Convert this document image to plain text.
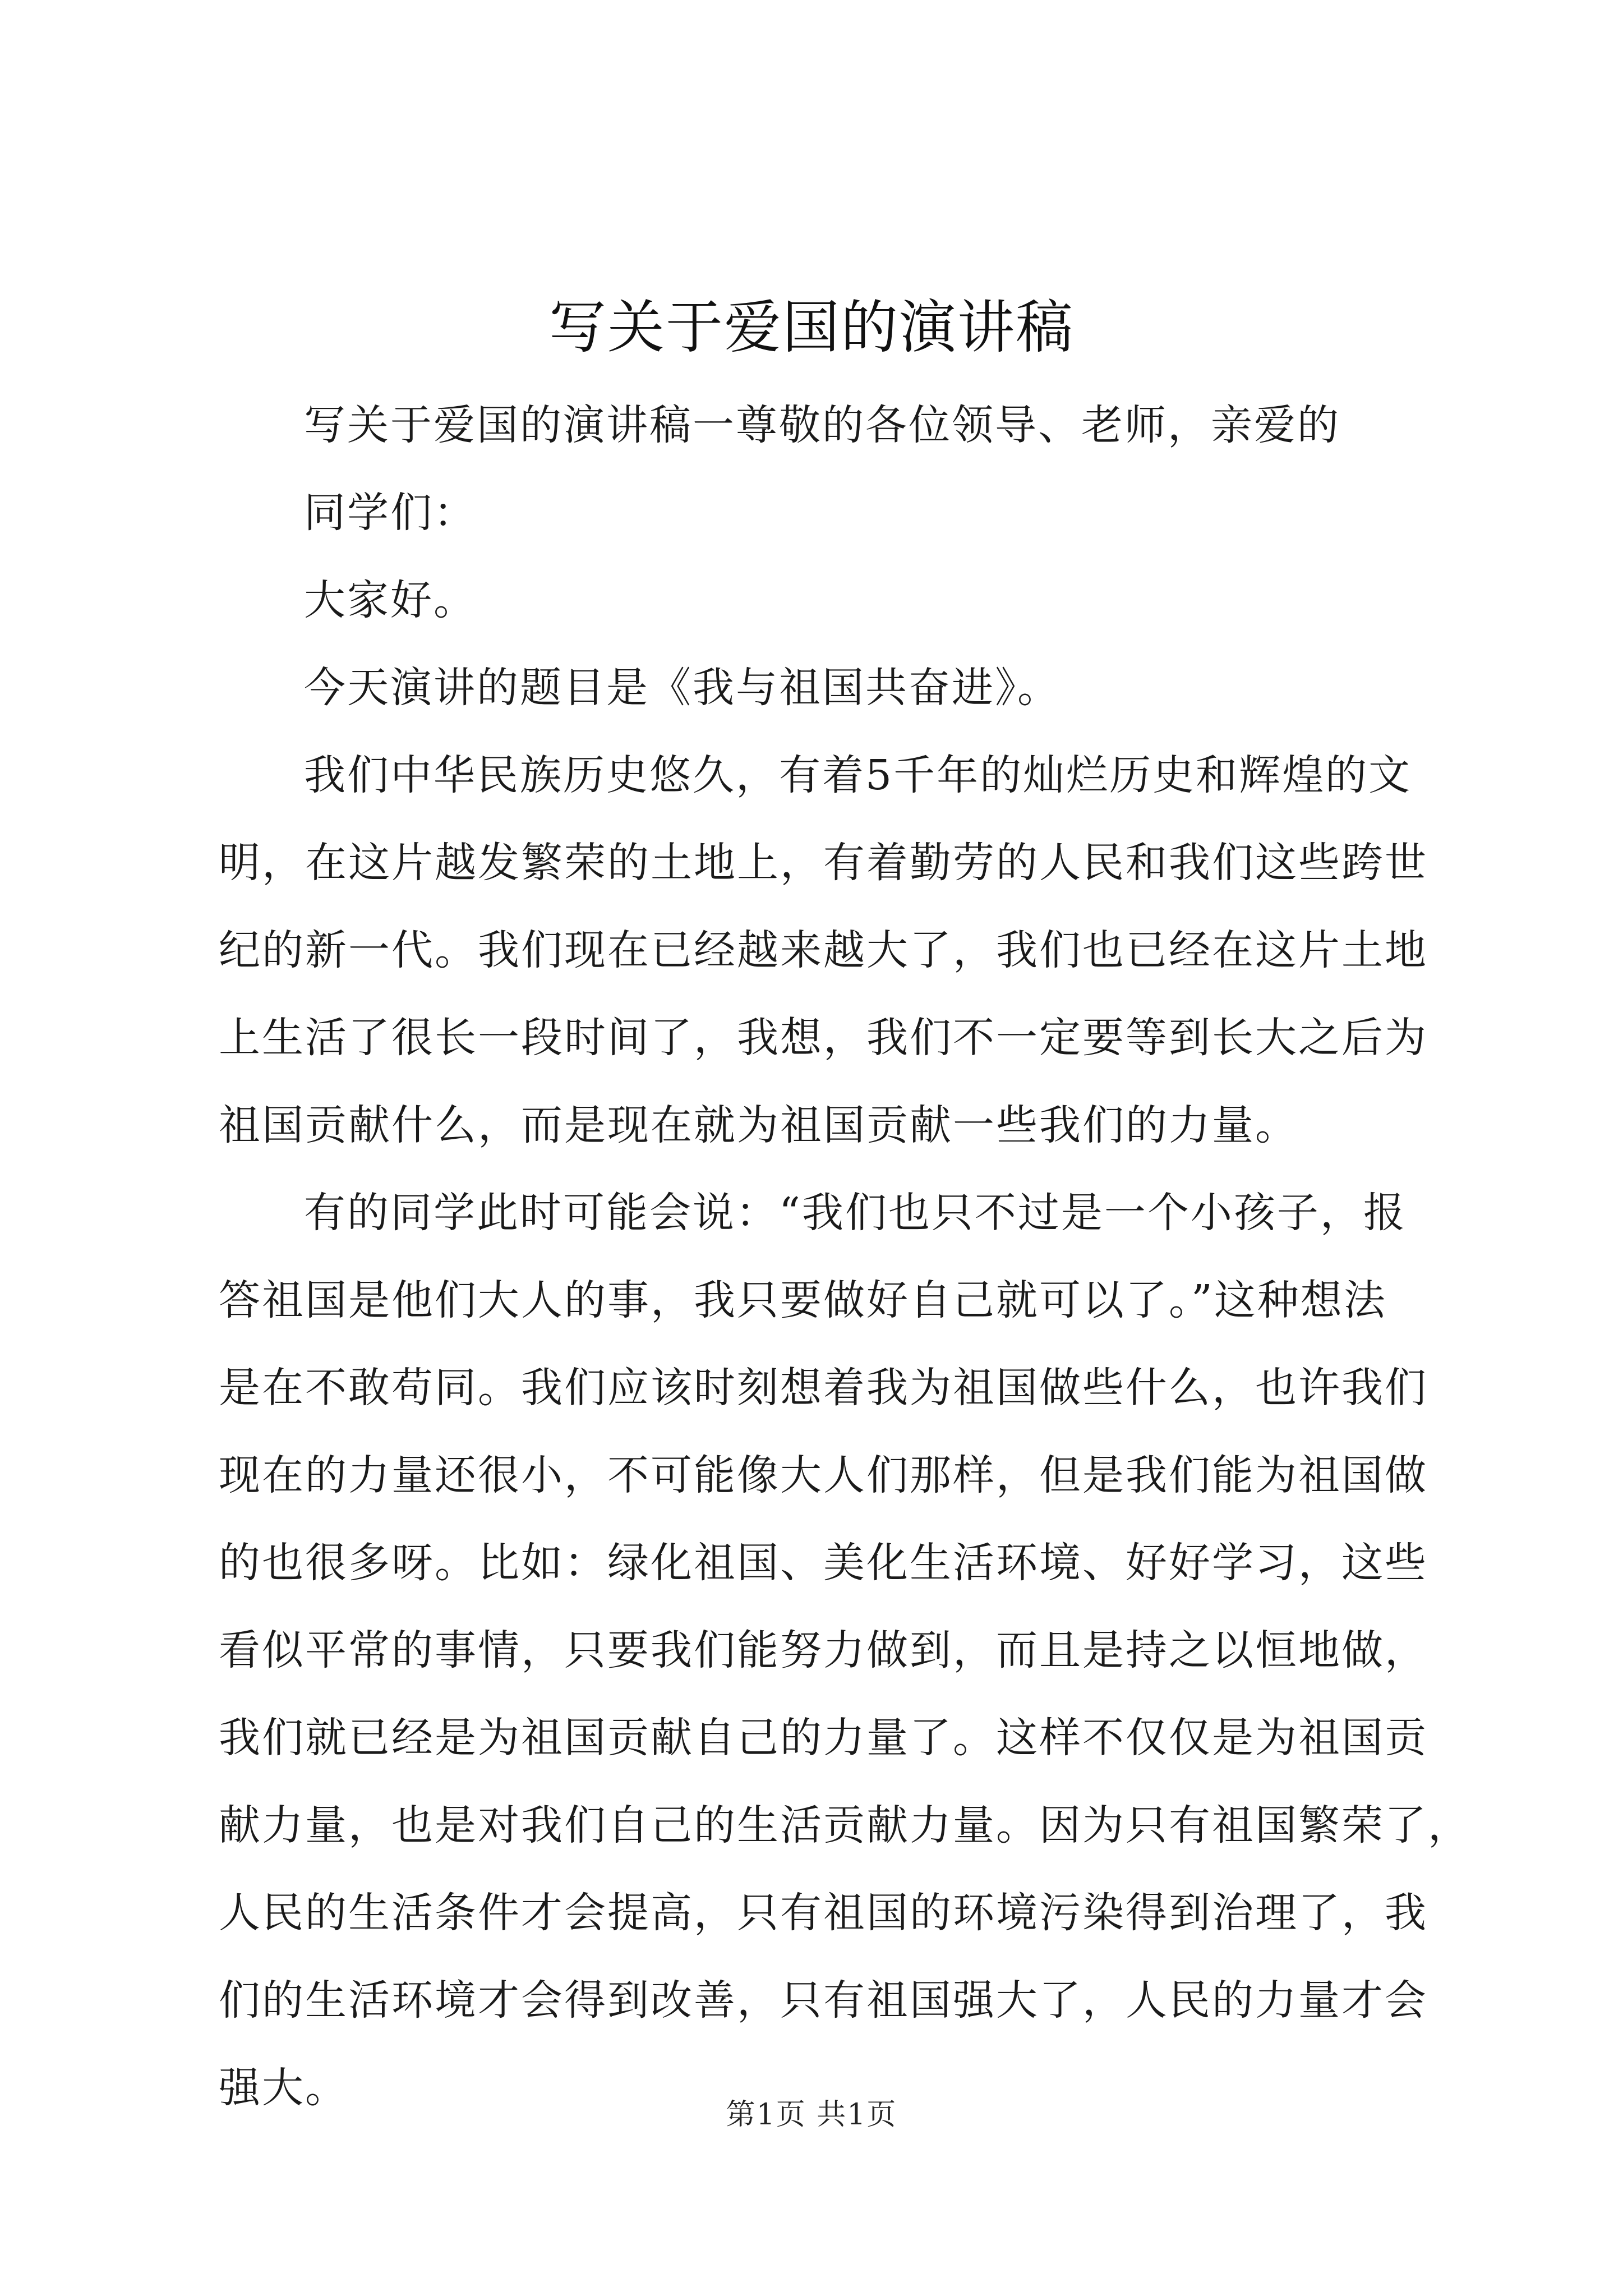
写关于爱国的演讲稿
写关于爱国的演讲稿一尊敬的各位领导、老师，亲爱的
同学们：
大家好。
今天演讲的题目是《我与祖国共奋进》。
我们中华民族历史悠久，有着5千年的灿烂历史和辉煌的文
明，在这片越发繁荣的土地上，有着勤劳的人民和我们这些跨世
纪的新一代。我们现在已经越来越大了，我们也已经在这片土地
上生活了很长一段时间了，我想，我们不一定要等到长大之后为
祖国贡献什么，而是现在就为祖国贡献一些我们的力量。
有的同学此时可能会说：“我们也只不过是一个小孩子，报
答祖国是他们大人的事，我只要做好自己就可以了。”这种想法
是在不敢苟同。我们应该时刻想着我为祖国做些什么，也许我们
现在的力量还很小，不可能像大人们那样，但是我们能为祖国做
的也很多呀。比如：绿化祖国、美化生活环境、好好学习，这些
看似平常的事情，只要我们能努力做到，而且是持之以恒地做，
我们就已经是为祖国贡献自己的力量了。这样不仅仅是为祖国贡
献力量，也是对我们自己的生活贡献力量。因为只有祖国繁荣了，
人民的生活条件才会提高，只有祖国的环境污染得到治理了，我
们的生活环境才会得到改善，只有祖国强大了，人民的力量才会
强大。
第1页 共1页
